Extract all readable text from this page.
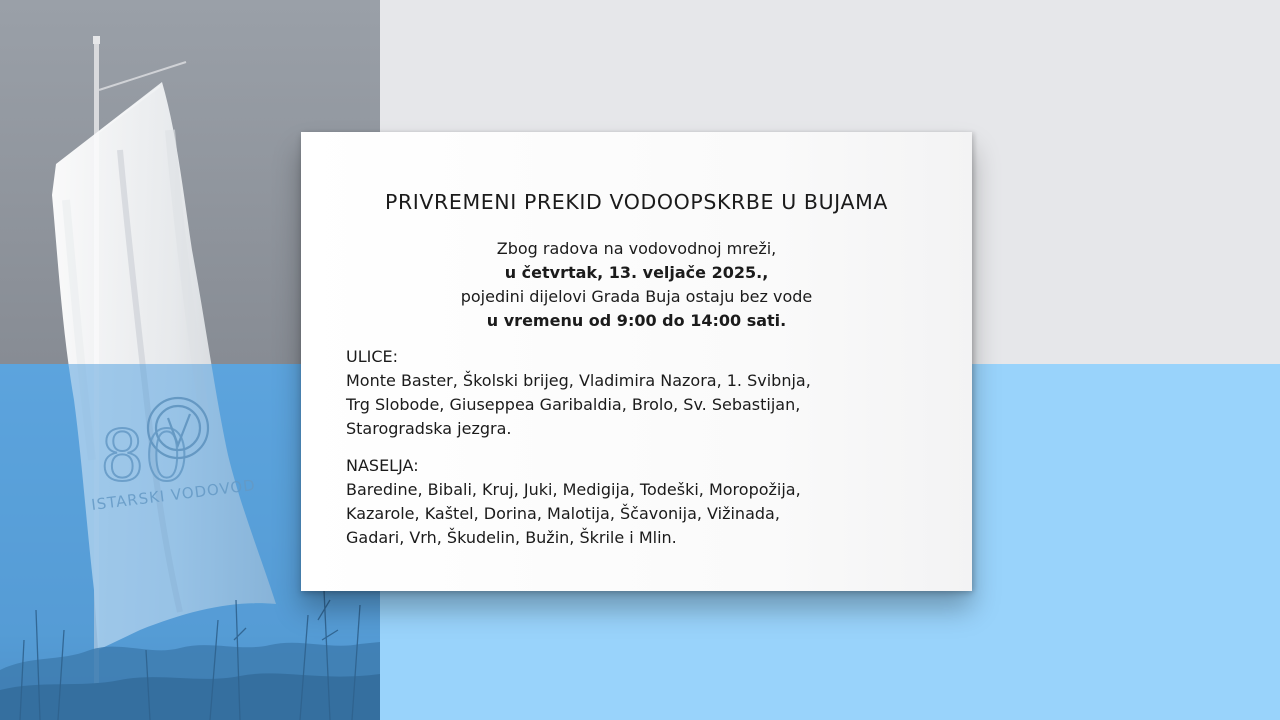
PRIVREMENI PREKID VODOOPSKRBE U BUJAMA
Zbog radova na vodovodnoj mreži,
u četvrtak, 13. veljače 2025.,
pojedini dijelovi Grada Buja ostaju bez vode
u vremenu od 9:00 do 14:00 sati.
ULICE:
Monte Baster, Školski brijeg, Vladimira Nazora, 1. Svibnja,
Trg Slobode, Giuseppea Garibaldia, Brolo, Sv. Sebastijan,
Starogradska jezgra.
NASELJA:
Baredine, Bibali, Kruj, Juki, Medigija, Todeški, Moropožija,
Kazarole, Kaštel, Dorina, Malotija, Ščavonija, Vižinada,
Gadari, Vrh, Škudelin, Bužin, Škrile i Mlin.
